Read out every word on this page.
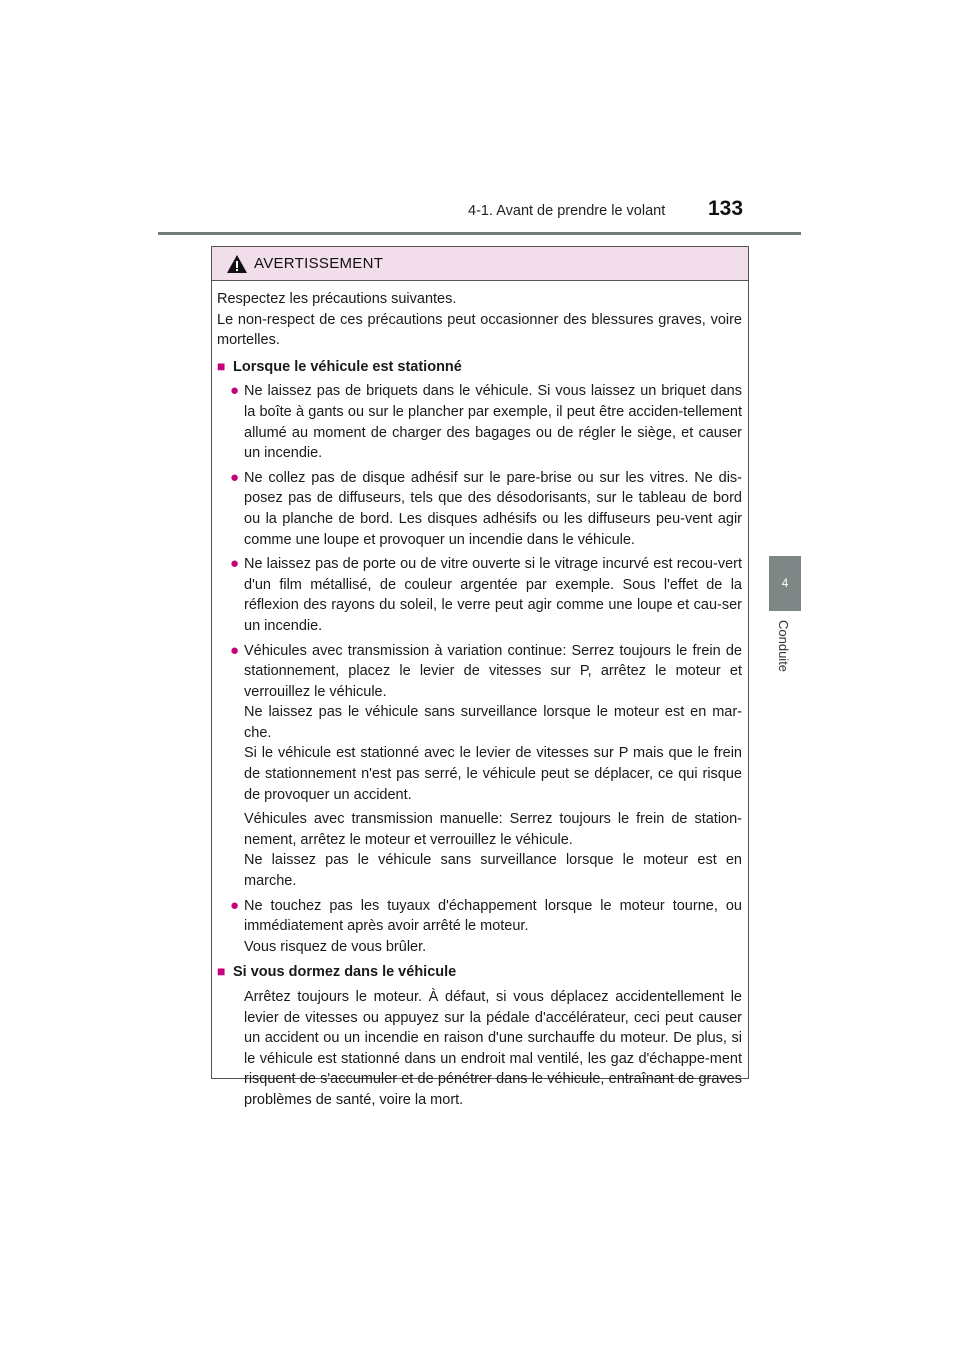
4-1. Avant de prendre le volant 133
4
Conduite
AVERTISSEMENT

Respectez les précautions suivantes.

Le non-respect de ces précautions peut occasionner des blessures graves, voire mortelles.

■ Lorsque le véhicule est stationné

● Ne laissez pas de briquets dans le véhicule. Si vous laissez un briquet dans la boîte à gants ou sur le plancher par exemple, il peut être acciden-tellement allumé au moment de charger des bagages ou de régler le siège, et causer un incendie.

● Ne collez pas de disque adhésif sur le pare-brise ou sur les vitres. Ne dis-posez pas de diffuseurs, tels que des désodorisants, sur le tableau de bord ou la planche de bord. Les disques adhésifs ou les diffuseurs peu-vent agir comme une loupe et provoquer un incendie dans le véhicule.

● Ne laissez pas de porte ou de vitre ouverte si le vitrage incurvé est recou-vert d'un film métallisé, de couleur argentée par exemple. Sous l'effet de la réflexion des rayons du soleil, le verre peut agir comme une loupe et cau-ser un incendie.

● Véhicules avec transmission à variation continue: Serrez toujours le frein de stationnement, placez le levier de vitesses sur P, arrêtez le moteur et verrouillez le véhicule.

Ne laissez pas le véhicule sans surveillance lorsque le moteur est en mar-che.

Si le véhicule est stationné avec le levier de vitesses sur P mais que le frein de stationnement n'est pas serré, le véhicule peut se déplacer, ce qui risque de provoquer un accident.

Véhicules avec transmission manuelle: Serrez toujours le frein de station-nement, arrêtez le moteur et verrouillez le véhicule.

Ne laissez pas le véhicule sans surveillance lorsque le moteur est en marche.

● Ne touchez pas les tuyaux d'échappement lorsque le moteur tourne, ou immédiatement après avoir arrêté le moteur.

Vous risquez de vous brûler.

■ Si vous dormez dans le véhicule

Arrêtez toujours le moteur. À défaut, si vous déplacez accidentellement le levier de vitesses ou appuyez sur la pédale d'accélérateur, ceci peut causer un accident ou un incendie en raison d'une surchauffe du moteur. De plus, si le véhicule est stationné dans un endroit mal ventilé, les gaz d'échappe-ment risquent de s'accumuler et de pénétrer dans le véhicule, entraînant de graves problèmes de santé, voire la mort.
